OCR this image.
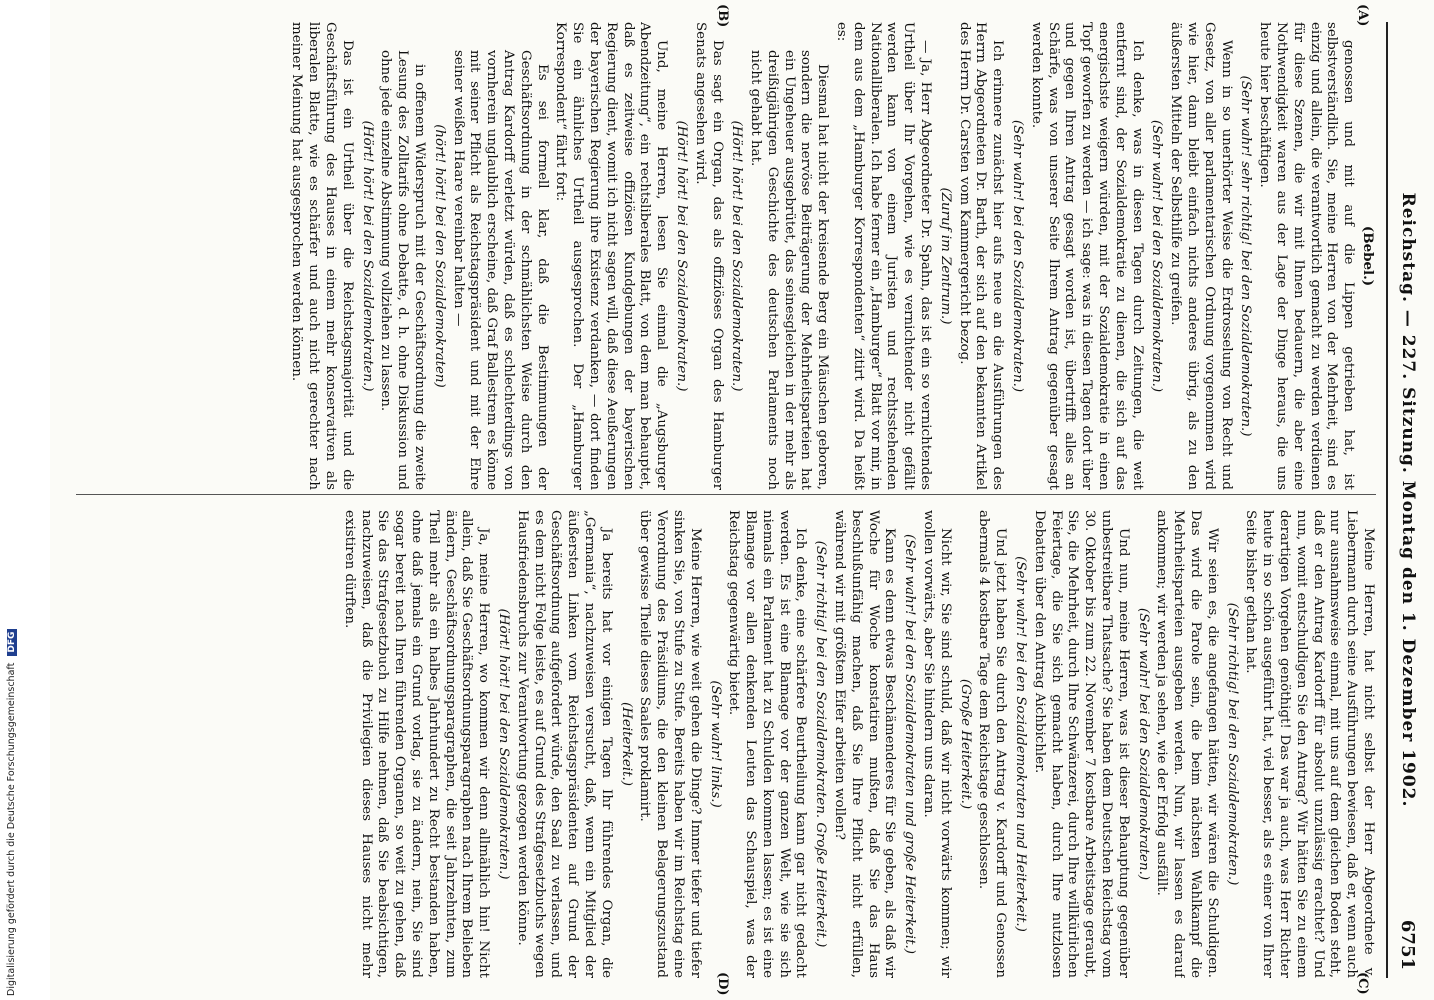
Reichstag. — 227. Sitzung. Montag den 1. Dezember 1902.
6751
(A)
(B)
(C)
(D)

(Bebel.)

genossen und mit auf die Lippen getrieben hat, ist selbstverständlich. Sie, meine Herren von der Mehrheit, sind es einzig und allein, die verantwortlich gemacht zu werden verdienen für diese Szenen, die wir mit Ihnen bedauern, die aber eine Nothwendigkeit waren aus der Lage der Dinge heraus, die uns heute hier beschäftigen.

(Sehr wahr! sehr richtig! bei den Sozialdemokraten.)

Wenn in so unerhörter Weise die Erdrosselung von Recht und Gesetz, von aller parlamentarischen Ordnung vorgenommen wird wie hier, dann bleibt einfach nichts anderes übrig, als zu den äußersten Mitteln der Selbsthilfe zu greifen.

(Sehr wahr! bei den Sozialdemokraten.)

Ich denke, was in diesen Tagen durch Zeitungen, die weit entfernt sind, der Sozialdemokratie zu dienen, die sich auf das energischste weigern würden, mit der Sozialdemokratie in einen Topf geworfen zu werden — ich sage: was in diesen Tagen dort über und gegen Ihren Antrag gesagt worden ist, übertrifft alles an Schärfe, was von unserer Seite Ihrem Antrag gegenüber gesagt werden konnte.

(Sehr wahr! bei den Sozialdemokraten.)

Ich erinnere zunächst hier aufs neue an die Ausführungen des Herrn Abgeordneten Dr. Barth, der sich auf den bekannten Artikel des Herrn Dr. Carsten vom Kammergericht bezog.

(Zuruf im Zentrum.)

— Ja, Herr Abgeordneter Dr. Spahn, das ist ein so vernichtendes Urtheil über Ihr Vorgehen, wie es vernichtender nicht gefällt werden kann von einem Juristen und rechtsstehenden Nationalliberalen. Ich habe ferner ein „Hamburger“ Blatt vor mir, in dem aus dem „Hamburger Korrespondenten“ zitirt wird. Da heißt es:

Diesmal hat nicht der kreisende Berg ein Mäuschen geboren, sondern die nervöse Beiträgerung der Mehrheitsparteien hat ein Ungeheuer ausgebrütet, das seinesgleichen in der mehr als dreißigjährigen Geschichte des deutschen Parlaments noch nicht gehabt hat.

(Hört! hört! bei den Sozialdemokraten.)

Das sagt ein Organ, das als offiziöses Organ des Hamburger Senats angesehen wird.

(Hört! hört! bei den Sozialdemokraten.)

Und, meine Herren, lesen Sie einmal die „Augsburger Abendzeitung“, ein rechtsliberales Blatt, von dem man behauptet, daß es zeitweise offiziösen Kundgebungen der bayerischen Regierung dient, womit ich nicht sagen will, daß diese Aeußerungen der bayerischen Regierung ihre Existenz verdanken, — dort finden Sie ein ähnliches Urtheil ausgesprochen. Der „Hamburger Korrespondent“ fährt fort:

Es sei formell klar, daß die Bestimmungen der Geschäftsordnung in der schmählichsten Weise durch den Antrag Kardorff verletzt würden, daß es schlechterdings von vornherein unglaublich erscheine, daß Graf Ballestrem es könne mit seiner Pflicht als Reichstagspräsident und mit der Ehre seiner weißen Haare vereinbar halten —

(hört! hört! bei den Sozialdemokraten)

in offenem Widerspruch mit der Geschäftsordnung die zweite Lesung des Zolltarifs ohne Debatte, d. h. ohne Diskussion und ohne jede einzelne Abstimmung vollziehen zu lassen.

(Hört! hört! bei den Sozialdemokraten.)

Das ist ein Urtheil über die Reichstagsmajorität und die Geschäftsführung des Hauses in einem mehr konservativen als liberalen Blatte, wie es schärfer und auch nicht gerechter nach meiner Meinung hat ausgesprochen werden können.

Meine Herren, hat nicht selbst der Herr Abgeordnete v. Liebermann durch seine Ausführungen bewiesen, daß er, wenn auch nur ausnahmsweise einmal, mit uns auf dem gleichen Boden steht, daß er den Antrag Kardorff für absolut unzulässig erachtet? Und nun, womit entschuldigen Sie den Antrag? Wir hätten Sie zu einem derartigen Vorgehen genöthigt! Das war ja auch, was Herr Richter heute in so schön ausgeführt hat, viel besser, als es einer von Ihrer Seite bisher gethan hat.

(Sehr richtig! bei den Sozialdemokraten.)

Wir seien es, die angefangen hätten, wir wären die Schuldigen. Das wird die Parole sein, die beim nächsten Wahlkampf die Mehrheitsparteien ausgeben werden. Nun, wir lassen es darauf ankommen; wir werden ja sehen, wie der Erfolg ausfällt.

(Sehr wahr! bei den Sozialdemokraten.)

Und nun, meine Herren, was ist dieser Behauptung gegenüber unbestreitbare Thatsache? Sie haben dem Deutschen Reichstag vom 30. Oktober bis zum 22. November 7 kostbare Arbeitstage geraubt, Sie, die Mehrheit, durch Ihre Schwänzerei, durch Ihre willkürlichen Feiertage, die Sie sich gemacht haben, durch Ihre nutzlosen Debatten über den Antrag Aichbichler.

(Sehr wahr! bei den Sozialdemokraten und Heiterkeit.)

Und jetzt haben Sie durch den Antrag v. Kardorff und Genossen abermals 4 kostbare Tage dem Reichstage geschlossen.

(Große Heiterkeit.)

Nicht wir, Sie sind schuld, daß wir nicht vorwärts kommen; wir wollen vorwärts, aber Sie hindern uns daran.

(Sehr wahr! bei den Sozialdemokraten und große Heiterkeit.)

Kann es denn etwas Beschämenderes für Sie geben, als daß wir Woche für Woche konstatiren mußten, daß Sie das Haus beschlußunfähig machen, daß Sie Ihre Pflicht nicht erfüllen, während wir mit größtem Eifer arbeiten wollen?

(Sehr richtig! bei den Sozialdemokraten. Große Heiterkeit.)

Ich denke, eine schärfere Beurtheilung kann gar nicht gedacht werden. Es ist eine Blamage vor der ganzen Welt, wie sie sich niemals ein Parlament hat zu Schulden kommen lassen; es ist eine Blamage vor allen denkenden Leuten das Schauspiel, was der Reichstag gegenwärtig bietet.

(Sehr wahr! links.)

Meine Herren, wie weit gehen die Dinge? Immer tiefer und tiefer sinken Sie, von Stufe zu Stufe. Bereits haben wir im Reichstag eine Verordnung des Präsidiums, die den kleinen Belagerungszustand über gewisse Theile dieses Saales proklamirt.

(Heiterkeit.)

Ja bereits hat vor einigen Tagen Ihr führendes Organ, die „Germania“, nachzuweisen versucht, daß, wenn ein Mitglied der äußersten Linken vom Reichstagspräsidenten auf Grund der Geschäftsordnung aufgefordert würde, den Saal zu verlassen, und es dem nicht Folge leiste, es auf Grund des Strafgesetzbuchs wegen Hausfriedensbruchs zur Verantwortung gezogen werden könne.

(Hört! hört! bei den Sozialdemokraten.)

Ja, meine Herren, wo kommen wir denn allmählich hin! Nicht allein, daß Sie Geschäftsordnungsparagraphen nach Ihrem Belieben ändern, Geschäftsordnungsparagraphen, die seit Jahrzehnten, zum Theil mehr als ein halbes Jahrhundert zu Recht bestanden haben, ohne daß jemals ein Grund vorlag, sie zu ändern, nein, Sie sind sogar bereit nach Ihren führenden Organen, so weit zu gehen, daß Sie das Strafgesetzbuch zu Hilfe nehmen, daß Sie beabsichtigen, nachzuweisen, daß die Privilegien dieses Hauses nicht mehr existiren dürften.

Digitalisierung gefördert durch die Deutsche Forschungsgemeinschaft DFG
